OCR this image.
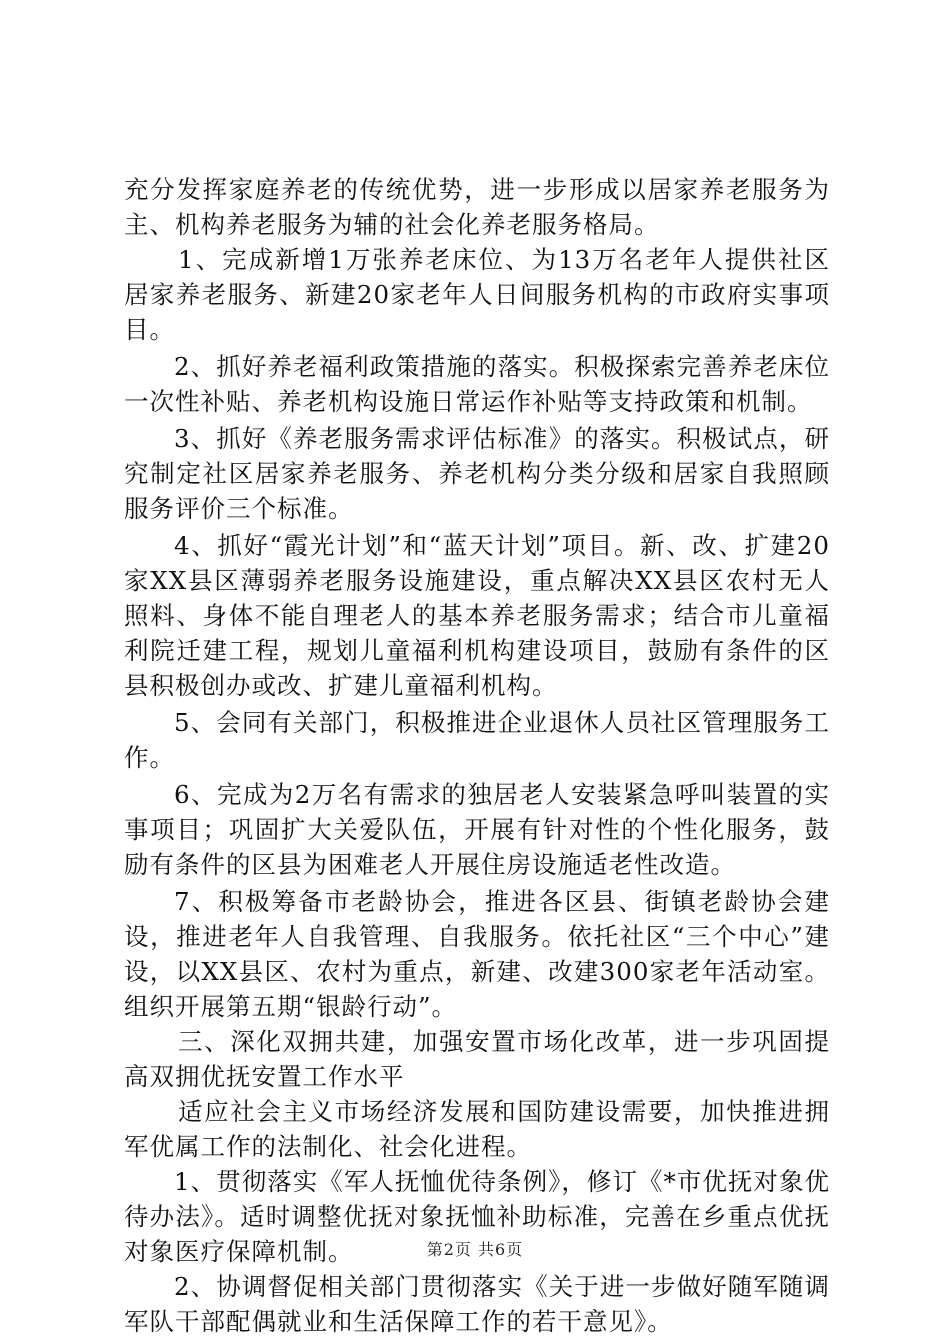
充分发挥家庭养老的传统优势，进一步形成以居家养老服务为主、机构养老服务为辅的社会化养老服务格局。

1、完成新增1万张养老床位、为13万名老年人提供社区居家养老服务、新建20家老年人日间服务机构的市政府实事项目。

2、抓好养老福利政策措施的落实。积极探索完善养老床位一次性补贴、养老机构设施日常运作补贴等支持政策和机制。

3、抓好《养老服务需求评估标准》的落实。积极试点，研究制定社区居家养老服务、养老机构分类分级和居家自我照顾服务评价三个标准。

4、抓好“霞光计划”和“蓝天计划”项目。新、改、扩建20家XX县区薄弱养老服务设施建设，重点解决XX县区农村无人照料、身体不能自理老人的基本养老服务需求；结合市儿童福利院迁建工程，规划儿童福利机构建设项目，鼓励有条件的区县积极创办或改、扩建儿童福利机构。

5、会同有关部门，积极推进企业退休人员社区管理服务工作。

6、完成为2万名有需求的独居老人安装紧急呼叫装置的实事项目；巩固扩大关爱队伍，开展有针对性的个性化服务，鼓励有条件的区县为困难老人开展住房设施适老性改造。

7、积极筹备市老龄协会，推进各区县、街镇老龄协会建设，推进老年人自我管理、自我服务。依托社区“三个中心”建设，以XX县区、农村为重点，新建、改建300家老年活动室。组织开展第五期“银龄行动”。

三、深化双拥共建，加强安置市场化改革，进一步巩固提高双拥优抚安置工作水平

适应社会主义市场经济发展和国防建设需要，加快推进拥军优属工作的法制化、社会化进程。

1、贯彻落实《军人抚恤优待条例》，修订《*市优抚对象优待办法》。适时调整优抚对象抚恤补助标准，完善在乡重点优抚对象医疗保障机制。

2、协调督促相关部门贯彻落实《关于进一步做好随军随调军队干部配偶就业和生活保障工作的若干意见》。

第2页 共6页
